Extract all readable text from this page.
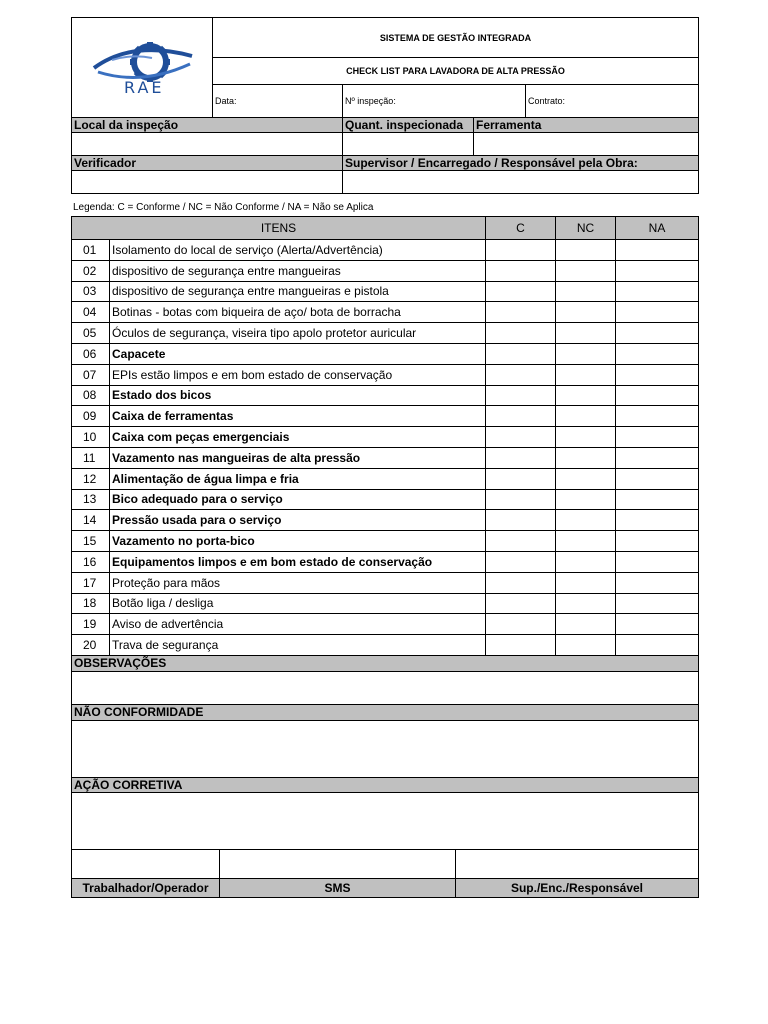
RAE	SISTEMA DE GESTÃO INTEGRADA		
	CHECK LIST PARA LAVADORA DE ALTA PRESSÃO		
	Data:	Nº inspeção:	Contrato:
Local da inspeção	Quant. inspecionada	Ferramenta

Verificador	Supervisor / Encarregado / Responsável pela Obra:	

Legenda: C = Conforme / NC = Não Conforme / NA = Não se Aplica
ITENS		C	NC	NA
01	Isolamento do local de serviço (Alerta/Advertência)			
02	dispositivo de segurança entre mangueiras			
03	dispositivo de segurança entre mangueiras e pistola			
04	Botinas - botas com biqueira de aço/ bota de borracha			
05	Óculos de segurança, viseira tipo apolo protetor auricular			
06	Capacete			
07	EPIs estão limpos e em bom estado de conservação			
08	Estado dos bicos			
09	Caixa de ferramentas			
10	Caixa com peças emergenciais			
11	Vazamento nas mangueiras de alta pressão			
12	Alimentação de água limpa e fria			
13	Bico adequado para o serviço			
14	Pressão usada para o serviço			
15	Vazamento no porta-bico			
16	Equipamentos limpos e em bom estado de conservação			
17	Proteção para mãos			
18	Botão liga / desliga			
19	Aviso de advertência			
20	Trava de segurança			
OBSERVAÇÕES

NÃO CONFORMIDADE

AÇÃO CORRETIVA

Trabalhador/Operador	SMS	Sup./Enc./Responsável
